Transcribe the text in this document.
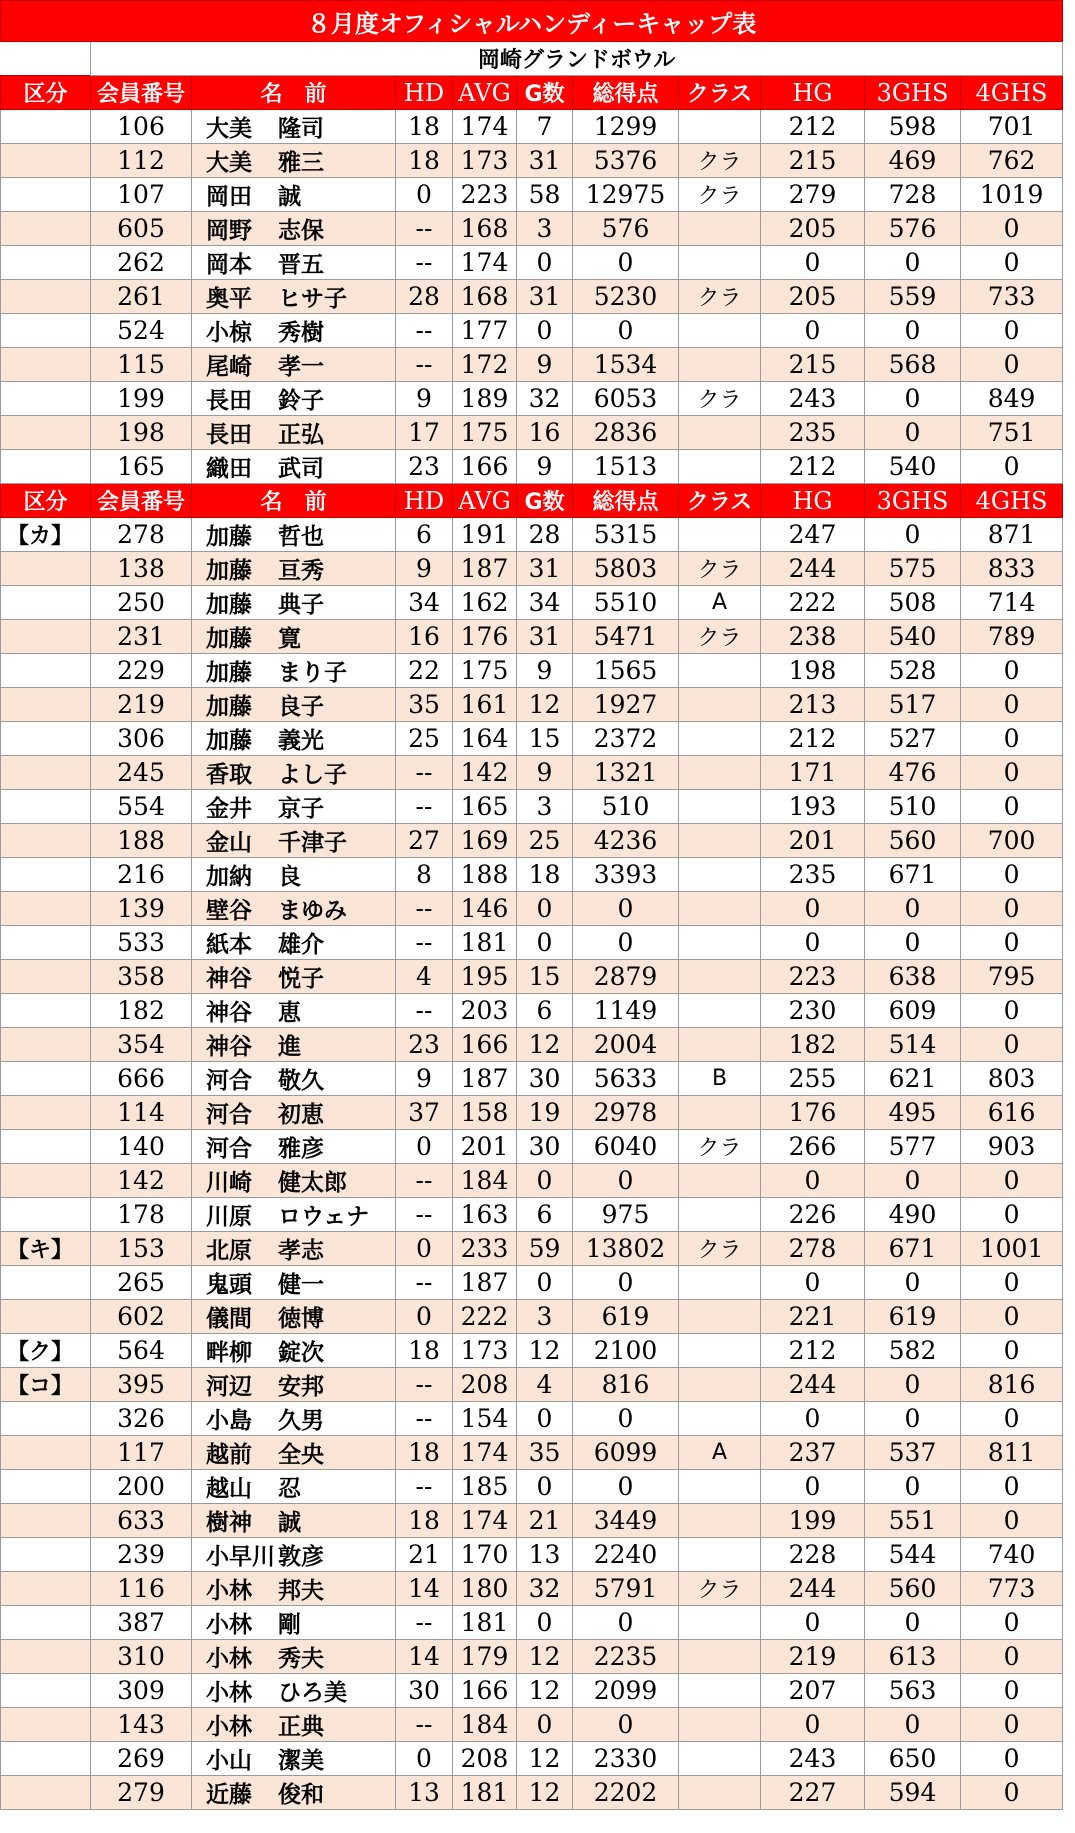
８月度オフィシャルハンディーキャップ表										
	岡崎グランドボウル									
区分	会員番号	名　前	HD	AVG	G数	総得点	クラス	HG	3GHS	4GHS
	106	大美 隆司	18	174	7	1299		212	598	701
	112	大美 雅三	18	173	31	5376	クラ	215	469	762
	107	岡田 誠	0	223	58	12975	クラ	279	728	1019
	605	岡野 志保	--	168	3	576		205	576	0
	262	岡本 晋五	--	174	0	0		0	0	0
	261	奥平 ヒサ子	28	168	31	5230	クラ	205	559	733
	524	小椋 秀樹	--	177	0	0		0	0	0
	115	尾崎 孝一	--	172	9	1534		215	568	0
	199	長田 鈴子	9	189	32	6053	クラ	243	0	849
	198	長田 正弘	17	175	16	2836		235	0	751
	165	織田 武司	23	166	9	1513		212	540	0
区分	会員番号	名　前	HD	AVG	G数	総得点	クラス	HG	3GHS	4GHS
【カ】	278	加藤 哲也	6	191	28	5315		247	0	871
	138	加藤 亘秀	9	187	31	5803	クラ	244	575	833
	250	加藤 典子	34	162	34	5510	A	222	508	714
	231	加藤 寛	16	176	31	5471	クラ	238	540	789
	229	加藤 まり子	22	175	9	1565		198	528	0
	219	加藤 良子	35	161	12	1927		213	517	0
	306	加藤 義光	25	164	15	2372		212	527	0
	245	香取 よし子	--	142	9	1321		171	476	0
	554	金井 京子	--	165	3	510		193	510	0
	188	金山 千津子	27	169	25	4236		201	560	700
	216	加納 良	8	188	18	3393		235	671	0
	139	壁谷 まゆみ	--	146	0	0		0	0	0
	533	紙本 雄介	--	181	0	0		0	0	0
	358	神谷 悦子	4	195	15	2879		223	638	795
	182	神谷 恵	--	203	6	1149		230	609	0
	354	神谷 進	23	166	12	2004		182	514	0
	666	河合 敬久	9	187	30	5633	B	255	621	803
	114	河合 初恵	37	158	19	2978		176	495	616
	140	河合 雅彦	0	201	30	6040	クラ	266	577	903
	142	川崎 健太郎	--	184	0	0		0	0	0
	178	川原 ロウェナ	--	163	6	975		226	490	0
【キ】	153	北原 孝志	0	233	59	13802	クラ	278	671	1001
	265	鬼頭 健一	--	187	0	0		0	0	0
	602	儀間 徳博	0	222	3	619		221	619	0
【ク】	564	畔柳 錠次	18	173	12	2100		212	582	0
【コ】	395	河辺 安邦	--	208	4	816		244	0	816
	326	小島 久男	--	154	0	0		0	0	0
	117	越前 全央	18	174	35	6099	A	237	537	811
	200	越山 忍	--	185	0	0		0	0	0
	633	樹神 誠	18	174	21	3449		199	551	0
	239	小早川 敦彦	21	170	13	2240		228	544	740
	116	小林 邦夫	14	180	32	5791	クラ	244	560	773
	387	小林 剛	--	181	0	0		0	0	0
	310	小林 秀夫	14	179	12	2235		219	613	0
	309	小林 ひろ美	30	166	12	2099		207	563	0
	143	小林 正典	--	184	0	0		0	0	0
	269	小山 潔美	0	208	12	2330		243	650	0
	279	近藤 俊和	13	181	12	2202		227	594	0
